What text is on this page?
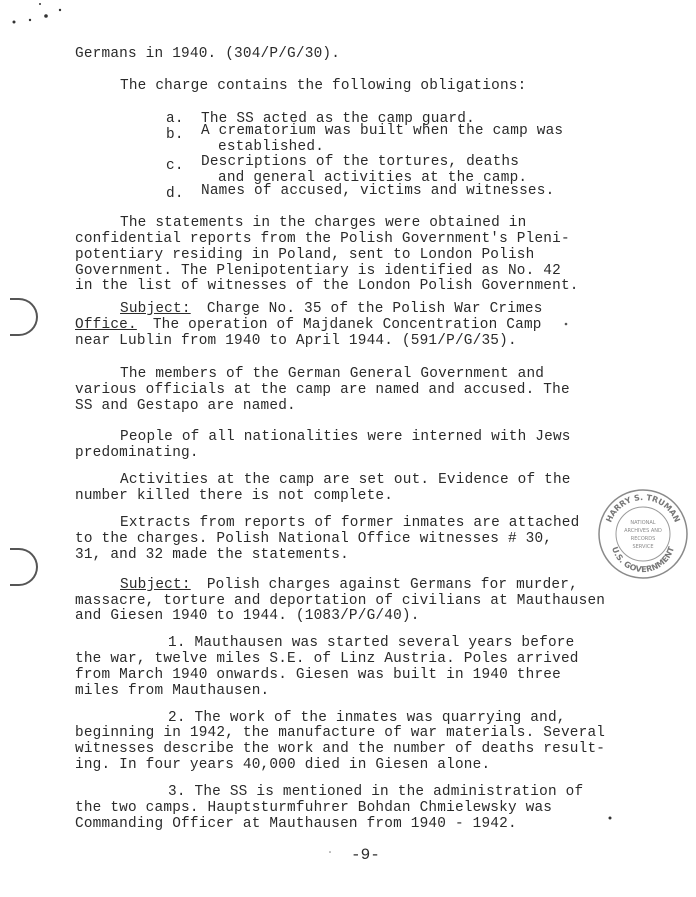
Germans in 1940. (304/P/G/30).
The charge contains the following obligations:
a. The SS acted as the camp guard.
b. A crematorium was built when the camp was
established.
c. Descriptions of the tortures, deaths
and general activities at the camp.
d. Names of accused, victims and witnesses.
The statements in the charges were obtained in
confidential reports from the Polish Government's Pleni-
potentiary residing in Poland, sent to London Polish
Government. The Plenipotentiary is identified as No. 42
in the list of witnesses of the London Polish Government.
Subject: Charge No. 35 of the Polish War Crimes
Office. The operation of Majdanek Concentration Camp
near Lublin from 1940 to April 1944. (591/P/G/35).
The members of the German General Government and
various officials at the camp are named and accused. The
SS and Gestapo are named.
People of all nationalities were interned with Jews
predominating.
Activities at the camp are set out. Evidence of the
number killed there is not complete.
Extracts from reports of former inmates are attached
to the charges. Polish National Office witnesses # 30,
31, and 32 made the statements.
Subject: Polish charges against Germans for murder,
massacre, torture and deportation of civilians at Mauthausen
and Giesen 1940 to 1944. (1083/P/G/40).
1. Mauthausen was started several years before
the war, twelve miles S.E. of Linz Austria. Poles arrived
from March 1940 onwards. Giesen was built in 1940 three
miles from Mauthausen.
2. The work of the inmates was quarrying and,
beginning in 1942, the manufacture of war materials. Several
witnesses describe the work and the number of deaths result-
ing. In four years 40,000 died in Giesen alone.
3. The SS is mentioned in the administration of
the two camps. Hauptsturmfuhrer Bohdan Chmielewsky was
Commanding Officer at Mauthausen from 1940 - 1942.
-9-
HARRY S. TRUMAN
U.S. GOVERNMENT
NATIONAL
ARCHIVES AND
RECORDS
SERVICE
